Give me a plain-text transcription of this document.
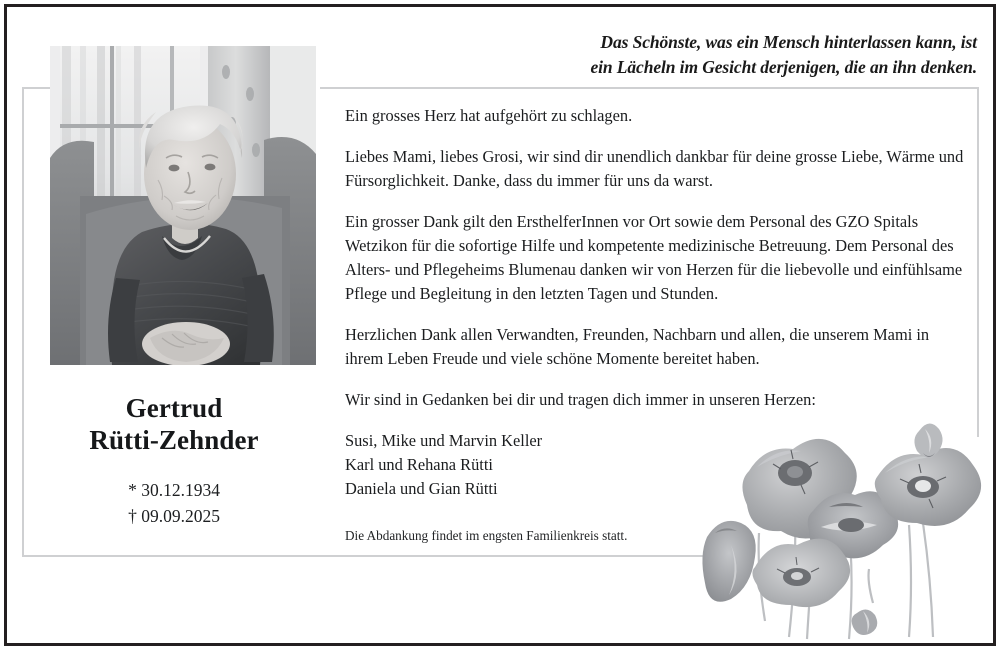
Das Schönste, was ein Mensch hinterlassen kann, ist
ein Lächeln im Gesicht derjenigen, die an ihn denken.
Gertrud
Rütti-Zehnder
* 30.12.1934
† 09.09.2025

Ein grosses Herz hat aufgehört zu schlagen.

Liebes Mami, liebes Grosi, wir sind dir unendlich dankbar für deine grosse Liebe, Wärme und Fürsorglichkeit. Danke, dass du immer für uns da warst.

Ein grosser Dank gilt den ErsthelferInnen vor Ort sowie dem Personal des GZO Spitals Wetzikon für die sofortige Hilfe und kompetente medizinische Betreuung. Dem Personal des Alters- und Pflegeheims Blumenau danken wir von Herzen für die liebevolle und einfühlsame Pflege und Begleitung in den letzten Tagen und Stunden.

Herzlichen Dank allen Verwandten, Freunden, Nachbarn und allen, die unserem Mami in ihrem Leben Freude und viele schöne Momente bereitet haben.

Wir sind in Gedanken bei dir und tragen dich immer in unseren Herzen:

Susi, Mike und Marvin Keller
Karl und Rehana Rütti
Daniela und Gian Rütti
Die Abdankung findet im engsten Familienkreis statt.
